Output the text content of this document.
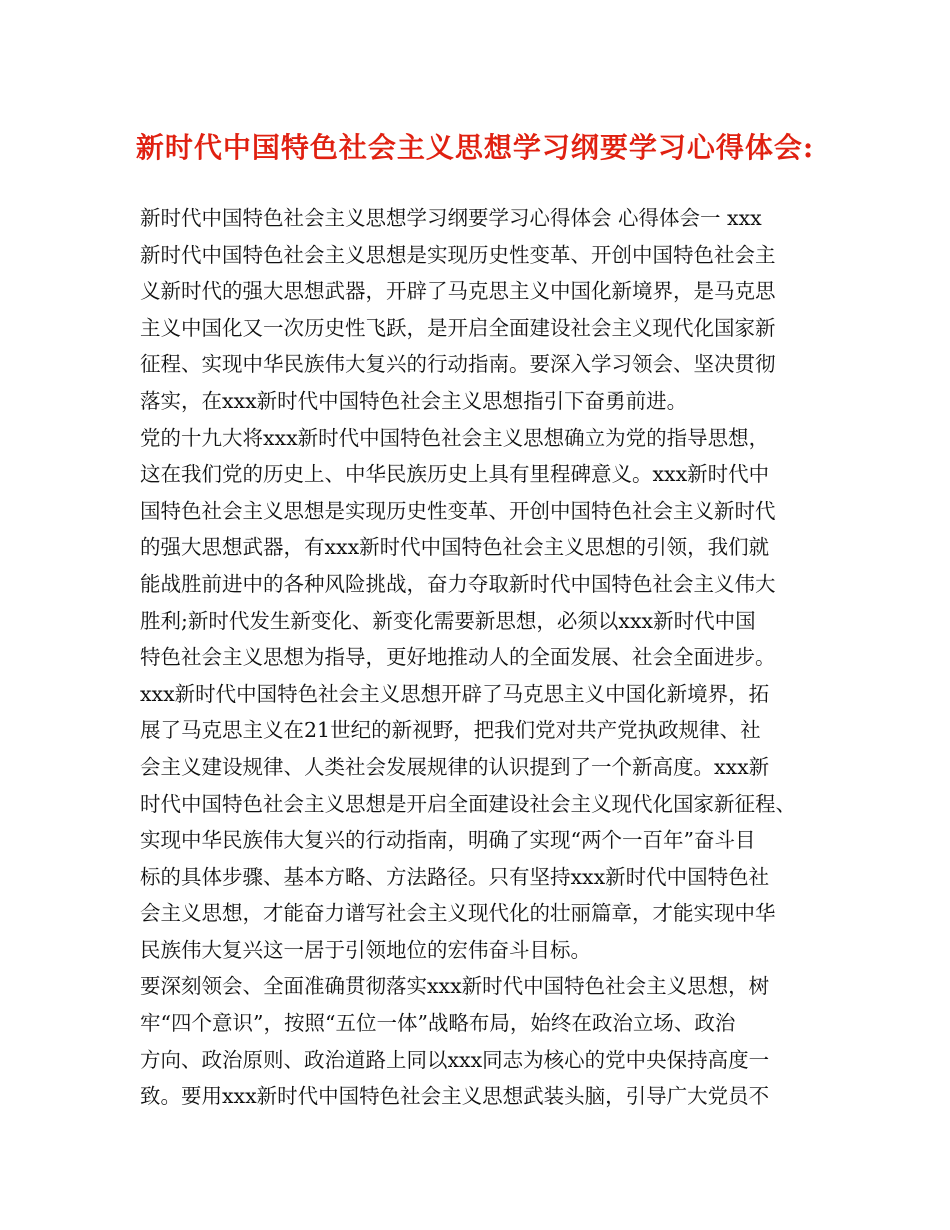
新时代中国特色社会主义思想学习纲要学习心得体会:

新时代中国特色社会主义思想学习纲要学习心得体会 心得体会一 xxx

新时代中国特色社会主义思想是实现历史性变革、开创中国特色社会主

义新时代的强大思想武器，开辟了马克思主义中国化新境界，是马克思

主义中国化又一次历史性飞跃，是开启全面建设社会主义现代化国家新

征程、实现中华民族伟大复兴的行动指南。要深入学习领会、坚决贯彻

落实，在xxx新时代中国特色社会主义思想指引下奋勇前进。

党的十九大将xxx新时代中国特色社会主义思想确立为党的指导思想，

这在我们党的历史上、中华民族历史上具有里程碑意义。xxx新时代中

国特色社会主义思想是实现历史性变革、开创中国特色社会主义新时代

的强大思想武器，有xxx新时代中国特色社会主义思想的引领，我们就

能战胜前进中的各种风险挑战，奋力夺取新时代中国特色社会主义伟大

胜利;新时代发生新变化、新变化需要新思想，必须以xxx新时代中国

特色社会主义思想为指导，更好地推动人的全面发展、社会全面进步。

xxx新时代中国特色社会主义思想开辟了马克思主义中国化新境界，拓

展了马克思主义在21世纪的新视野，把我们党对共产党执政规律、社

会主义建设规律、人类社会发展规律的认识提到了一个新高度。xxx新

时代中国特色社会主义思想是开启全面建设社会主义现代化国家新征程、

实现中华民族伟大复兴的行动指南，明确了实现“两个一百年”奋斗目

标的具体步骤、基本方略、方法路径。只有坚持xxx新时代中国特色社

会主义思想，才能奋力谱写社会主义现代化的壮丽篇章，才能实现中华

民族伟大复兴这一居于引领地位的宏伟奋斗目标。

要深刻领会、全面准确贯彻落实xxx新时代中国特色社会主义思想，树

牢“四个意识”，按照“五位一体”战略布局，始终在政治立场、政治

方向、政治原则、政治道路上同以xxx同志为核心的党中央保持高度一

致。要用xxx新时代中国特色社会主义思想武装头脑，引导广大党员不
